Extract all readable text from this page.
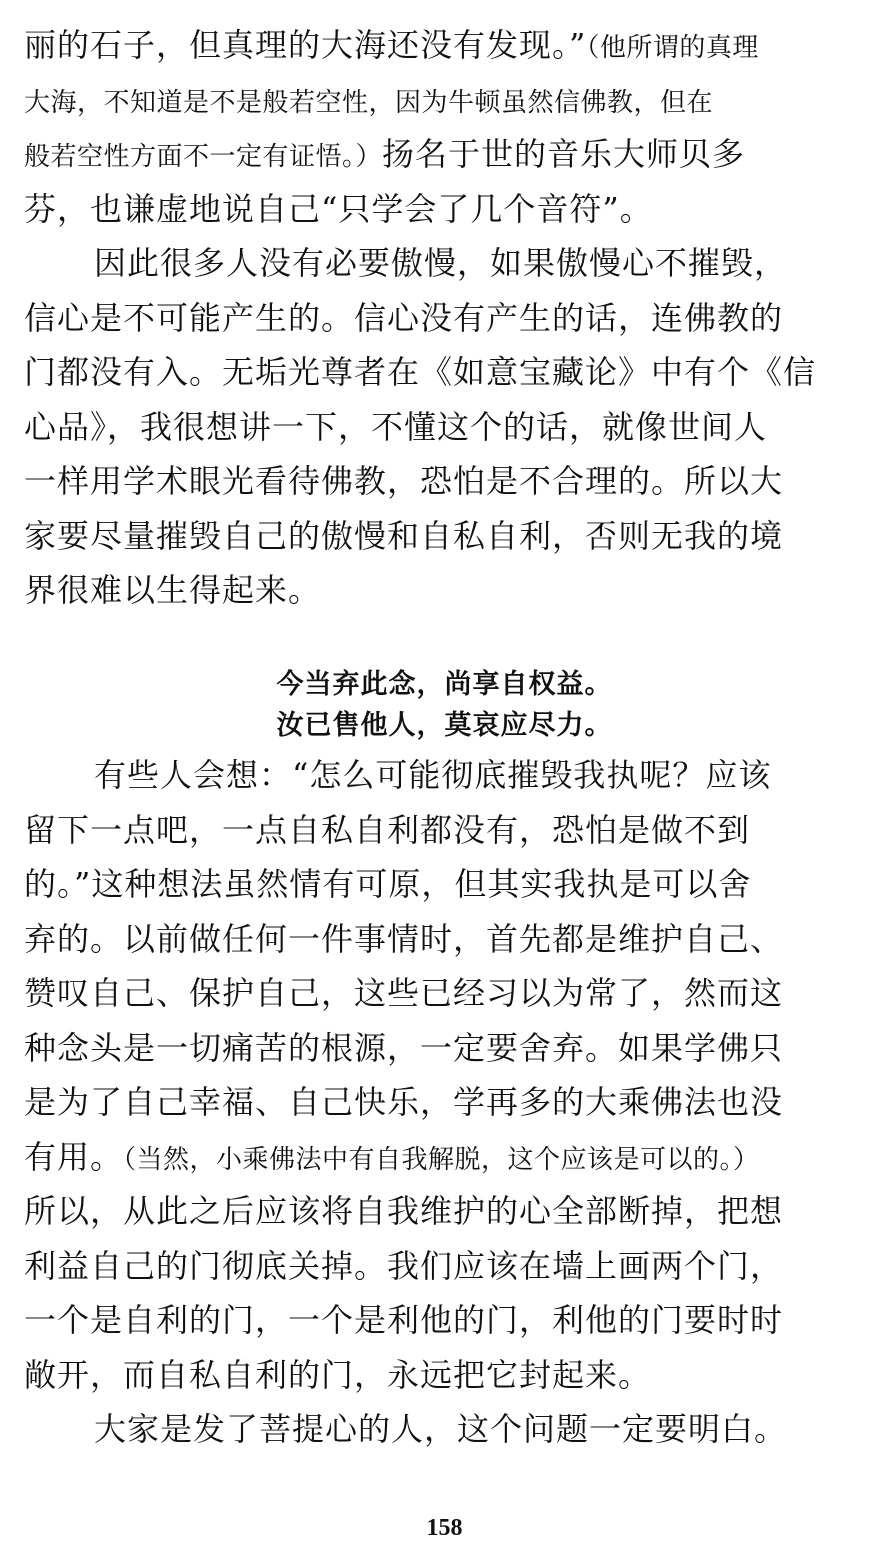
丽的石子，但真理的大海还没有发现。”（他所谓的真理
大海，不知道是不是般若空性，因为牛顿虽然信佛教，但在
般若空性方面不一定有证悟。）扬名于世的音乐大师贝多
芬，也谦虚地说自己“只学会了几个音符”。
因此很多人没有必要傲慢，如果傲慢心不摧毁，
信心是不可能产生的。信心没有产生的话，连佛教的
门都没有入。无垢光尊者在《如意宝藏论》中有个《信
心品》，我很想讲一下，不懂这个的话，就像世间人
一样用学术眼光看待佛教，恐怕是不合理的。所以大
家要尽量摧毁自己的傲慢和自私自利，否则无我的境
界很难以生得起来。
今当弃此念，尚享自权益。
汝已售他人，莫哀应尽力。
有些人会想：“怎么可能彻底摧毁我执呢？应该
留下一点吧，一点自私自利都没有，恐怕是做不到
的。”这种想法虽然情有可原，但其实我执是可以舍
弃的。以前做任何一件事情时，首先都是维护自己、
赞叹自己、保护自己，这些已经习以为常了，然而这
种念头是一切痛苦的根源，一定要舍弃。如果学佛只
是为了自己幸福、自己快乐，学再多的大乘佛法也没
有用。（当然，小乘佛法中有自我解脱，这个应该是可以的。）
所以，从此之后应该将自我维护的心全部断掉，把想
利益自己的门彻底关掉。我们应该在墙上画两个门，
一个是自利的门，一个是利他的门，利他的门要时时
敞开，而自私自利的门，永远把它封起来。
大家是发了菩提心的人，这个问题一定要明白。
158
